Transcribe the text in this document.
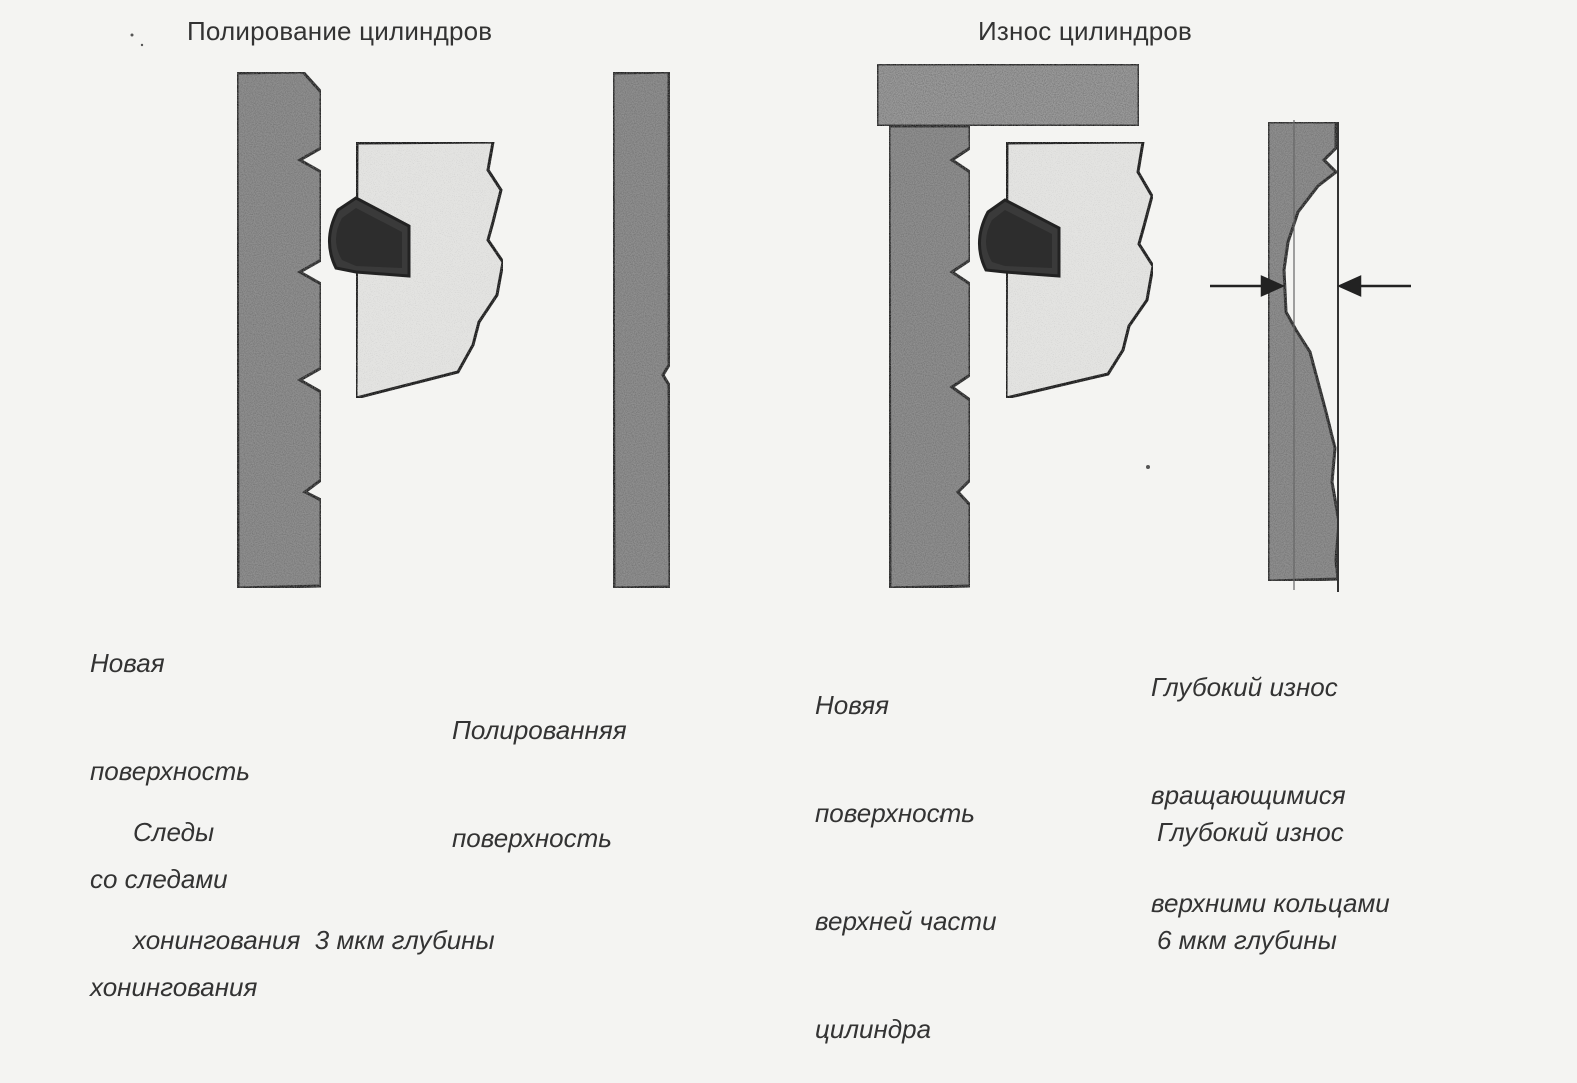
Полирование цилиндров	Износ цилиндров

Новая

поверхность

со следами

хонингования

Полированняя

поверхность

Следы

хонингования  3 мкм глубины

Новяя

поверхность

верхней части

цилиндра

Глубокий износ

вращающимися

верхними кольцами

Глубокий износ

6 мкм глубины
